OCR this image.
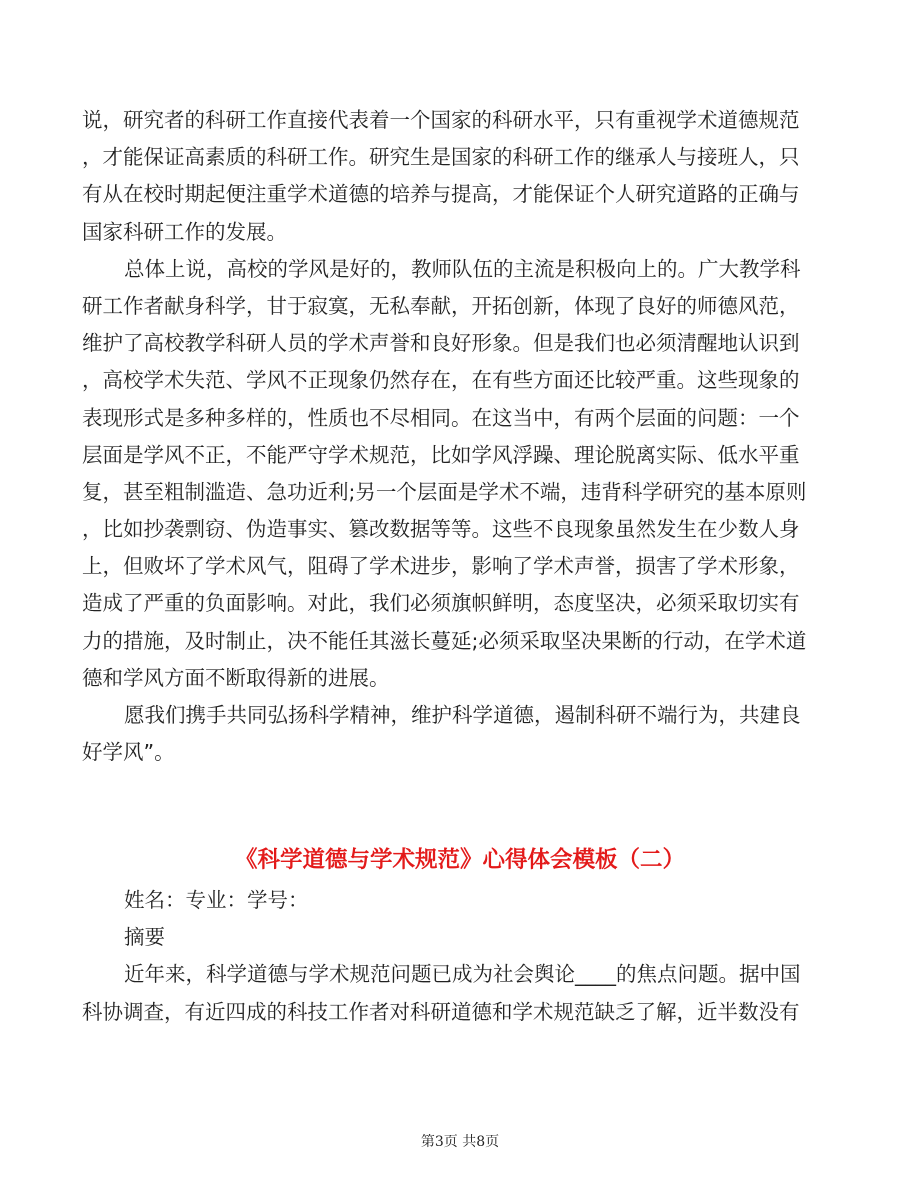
说，研究者的科研工作直接代表着一个国家的科研水平，只有重视学术道德规范
，才能保证高素质的科研工作。研究生是国家的科研工作的继承人与接班人，只
有从在校时期起便注重学术道德的培养与提高，才能保证个人研究道路的正确与
国家科研工作的发展。
总体上说，高校的学风是好的，教师队伍的主流是积极向上的。广大教学科
研工作者献身科学，甘于寂寞，无私奉献，开拓创新，体现了良好的师德风范，
维护了高校教学科研人员的学术声誉和良好形象。但是我们也必须清醒地认识到
，高校学术失范、学风不正现象仍然存在，在有些方面还比较严重。这些现象的
表现形式是多种多样的，性质也不尽相同。在这当中，有两个层面的问题：一个
层面是学风不正，不能严守学术规范，比如学风浮躁、理论脱离实际、低水平重
复，甚至粗制滥造、急功近利;另一个层面是学术不端，违背科学研究的基本原则
，比如抄袭剽窃、伪造事实、篡改数据等等。这些不良现象虽然发生在少数人身
上，但败坏了学术风气，阻碍了学术进步，影响了学术声誉，损害了学术形象，
造成了严重的负面影响。对此，我们必须旗帜鲜明，态度坚决，必须采取切实有
力的措施，及时制止，决不能任其滋长蔓延;必须采取坚决果断的行动，在学术道
德和学风方面不断取得新的进展。
愿我们携手共同弘扬科学精神，维护科学道德，遏制科研不端行为，共建良
好学风”。
《科学道德与学术规范》心得体会模板（二）
姓名：专业：学号：
摘要
近年来，科学道德与学术规范问题已成为社会舆论____的焦点问题。据中国
科协调查，有近四成的科技工作者对科研道德和学术规范缺乏了解，近半数没有
第3页 共8页
